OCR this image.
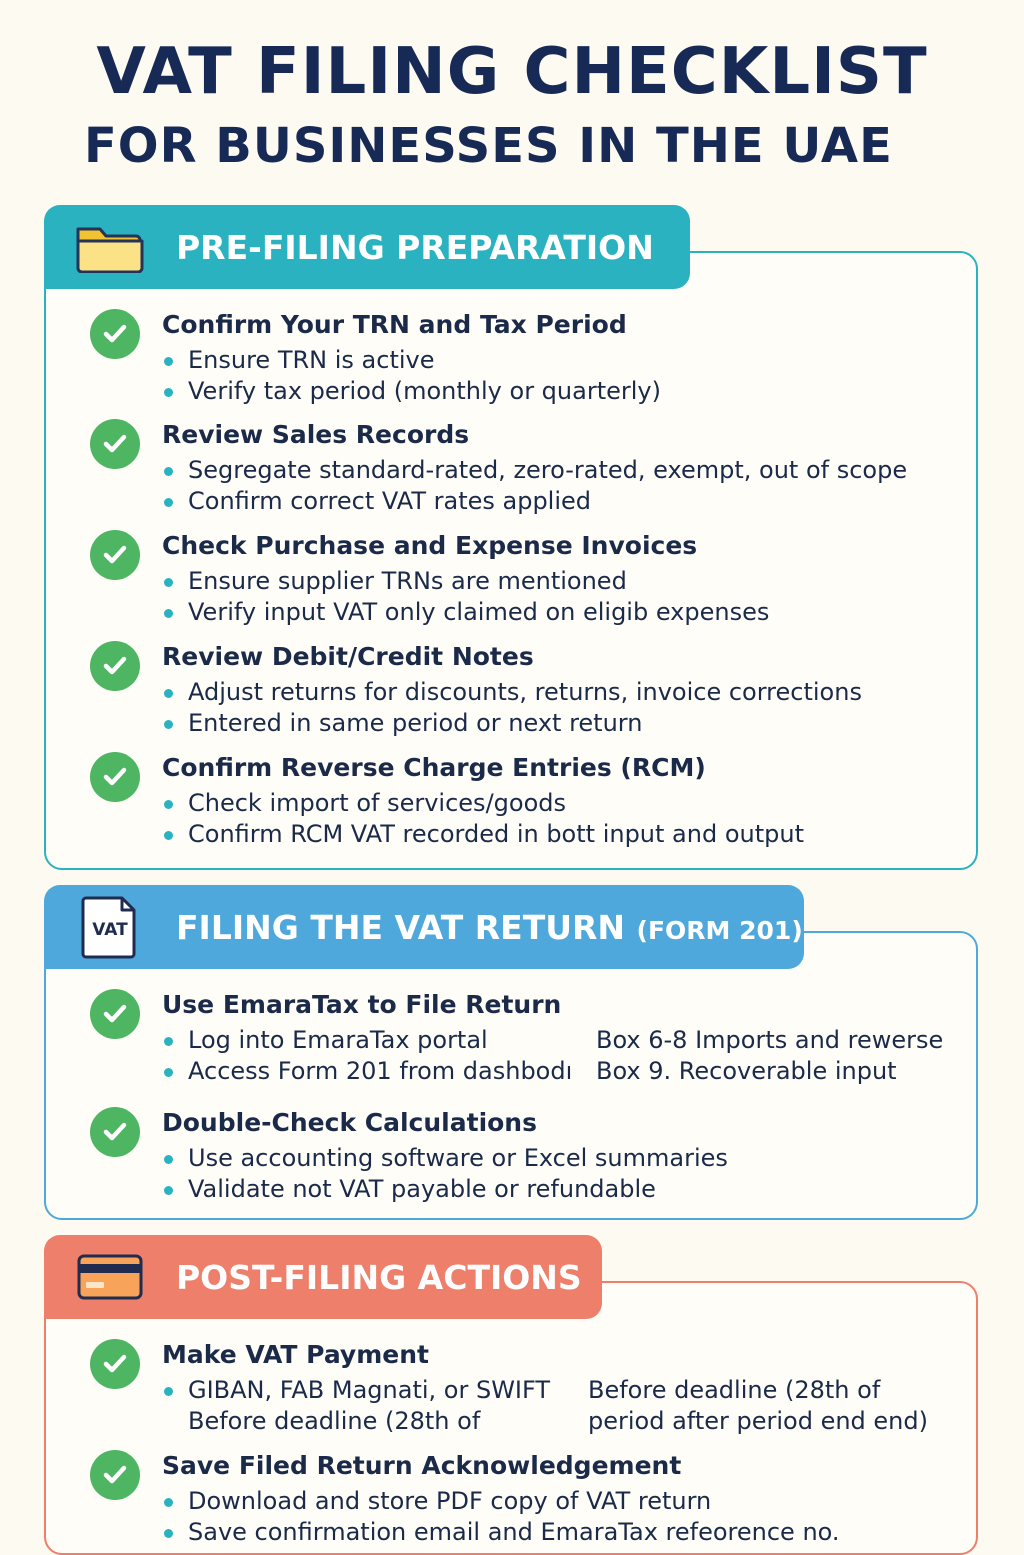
VAT FILING CHECKLIST
FOR BUSINESSES IN THE UAE
PRE-FILING PREPARATION
Confirm Your TRN and Tax Period
Ensure TRN is active
Verify tax period (monthly or quarterly)
Review Sales Records
Segregate standard-rated, zero-rated, exempt, out of scope
Confirm correct VAT rates applied
Check Purchase and Expense Invoices
Ensure supplier TRNs are mentioned
Verify input VAT only claimed on eligib expenses
Review Debit/Credit Notes
Adjust returns for discounts, returns, invoice corrections
Entered in same period or next return
Confirm Reverse Charge Entries (RCM)
Check import of services/goods
Confirm RCM VAT recorded in bott input and output
VAT FILING THE VAT RETURN (FORM 201)
Use EmaraTax to File Return
Log into EmaraTax portal
Access Form 201 from dashbodı
Box 6-8 Imports and rewerse
Box 9. Recoverable input
Double-Check Calculations
Use accounting software or Excel summaries
Validate not VAT payable or refundable
POST-FILING ACTIONS
Make VAT Payment
GIBAN, FAB Magnati, or SWIFT
Before deadline (28th of
Before deadline (28th of
period after period end end)
Save Filed Return Acknowledgement
Download and store PDF copy of VAT return
Save confirmation email and EmaraTax refeorence no.
